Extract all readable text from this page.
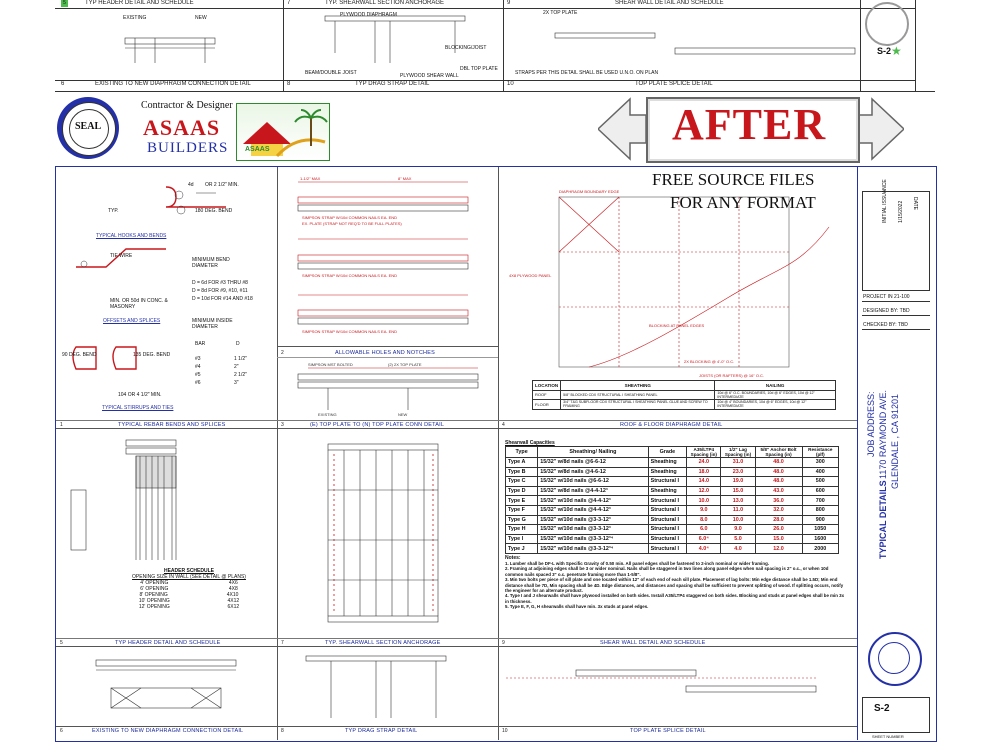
5	TYP HEADER DETAIL AND SCHEDULE	7	TYP. SHEARWALL SECTION ANCHORAGE	9	SHEAR WALL DETAIL AND SCHEDULE
6	EXISTING TO NEW DIAPHRAGM CONNECTION DETAIL	8	TYP DRAG STRAP DETAIL	10	TOP PLATE SPLICE DETAIL
EXISTING	NEW	PLYWOOD DIAPHRAGM	2X TOP PLATE
BLOCKING/JOIST
DBL TOP PLATE
PLYWOOD SHEAR WALL
BEAM/DOUBLE JOIST	STRAPS PER THIS DETAIL SHALL BE USED U.N.O. ON PLAN
S-2 ★
SEAL
Contractor & Designer
ASAAS
BUILDERS ASAAS
AFTER
1	TYPICAL REBAR BENDS AND SPLICES	3	(E) TOP PLATE TO (N) TOP PLATE CONN DETAIL	4	ROOF & FLOOR DIAPHRAGM DETAIL
2	ALLOWABLE HOLES AND NOTCHES
5	TYP HEADER DETAIL AND SCHEDULE	7	TYP. SHEARWALL SECTION ANCHORAGE	9	SHEAR WALL DETAIL AND SCHEDULE
6	EXISTING TO NEW DIAPHRAGM CONNECTION DETAIL	8	TYP DRAG STRAP DETAIL	10	TOP PLATE SPLICE DETAIL
4d OR 2 1/2" MIN.
180 DEG. BEND
TYP.
TYPICAL HOOKS AND BENDS
TIE WIRE
MINIMUM BEND DIAMETER
D = 6d FOR #3 THRU #8
D = 8d FOR #9, #10, #11
D = 10d FOR #14 AND #18
MIN. OR 50d IN CONC. & MASONRY
OFFSETS AND SPLICES	MINIMUM INSIDE DIAMETER
BAR	D
#3	1 1/2"
#4	2"
#5	2 1/2"
#6	3"
90 DEG. BEND	135 DEG. BEND
104 OR 4 1/2" MIN.
TYPICAL STIRRUPS AND TIES
1-1/2" MAX	8" MAX
SIMPSON STRAP W/10d COMMON NAILS EA. END
EX. PLATE (STRAP NOT REQ'D TO BE FULL PLATES)
SIMPSON STRAP W/10d COMMON NAILS EA. END
SIMPSON STRAP W/10d COMMON NAILS EA. END
SIMPSON MST BOLTED	(2) 2X TOP PLATE
EXISTING	NEW
DIAPHRAGM BOUNDARY EDGE
4X8 PLYWOOD PANEL
BLOCKING AT PANEL EDGES
2X BLOCKING @ 4'-0" O.C.
JOISTS (OR RAFTERS) @ 16" O.C.
FREE SOURCE FILES
FOR ANY FORMAT
LOCATION	SHEATHING	NAILING
ROOF	5/8" BLOCKED CDX STRUCTURAL I SHEATHING PANEL	10d @ 6" O.C. BOUNDARIES, 10d @ 6" EDGES, 10d @ 12" INTERMEDIATE
FLOOR	3/4" T&G SUBFLOOR CDX STRUCTURAL I SHEATHING PANEL GLUE AND SCREW TO FRAMING	10d @ 4" BOUNDARIES, 10d @ 6" EDGES, 10d @ 12" INTERMEDIATE
HEADER SCHEDULE
OPENING SIZE IN WALL (SEE DETAIL @ PLANS)
4' OPENING	4X6
6' OPENING	4X8
8' OPENING	4X10
10' OPENING	4X12
12' OPENING	6X12
Shearwall Capacities
Type	Sheathing/ Nailing	Grade	A35/LTP4 Spacing (in)	1/2" Lag Spacing (in)	5/8" Anchor Bolt Spacing (in)	Resistance (plf)
Type A	15/32" w/8d nails @6-6-12	Sheathing	24.0	31.0	48.0	300
Type B	15/32" w/8d nails @4-6-12	Sheathing	18.0	23.0	48.0	400
Type C	15/32" w/10d nails @6-6-12	Structural I	14.0	19.0	48.0	500
Type D	15/32" w/8d nails @4-4-12³	Sheathing	12.0	15.0	43.0	600
Type E	15/32" w/10d nails @4-4-12³	Structural I	10.0	13.0	36.0	700
Type F	15/32" w/10d nails @4-4-12³	Structural I	9.0	11.0	32.0	800
Type G	15/32" w/10d nails @3-3-12³	Structural I	8.0	10.0	28.0	900
Type H	15/32" w/10d nails @3-3-12³	Structural I	6.0	9.0	26.0	1050
Type I	15/32" w/10d nails @3-3-12³⁴	Structural I	6.0⁴	5.0	15.0	1600
Type J	15/32" w/10d nails @3-3-12³⁴	Structural I	4.0⁴	4.0	12.0	2000
Notes:
1. Lumber shall be DF-L with Specific Gravity of 0.50 min. All panel edges shall be fastened to 2-inch nominal or wider framing.
2. Framing at adjoining edges shall be 3 or wider nominal. Nails shall be staggered in two lines along panel edges when nail spacing is 2" o.c., or when 10d common nails spaced 3" o.c. penetrate framing more than 1-5/8".
3. Min two bolts per piece of sill plate and one located within 12" of each end of each sill plate. Placement of lag bolts: Min edge distance shall be 1.5D; Min end distance shall be 7D, Min spacing shall be 4D. Edge distances, and distances and spacing shall be sufficient to prevent splitting of wood. If splitting occurs, notify the engineer for an alternate product.
4. Type I and J shearwalls shall have plywood installed on both sides. Install A35/LTP4 staggered on both sides. Blocking and studs at panel edges shall be min 3x in thickness.
5. Type E, F, G, H shearwalls shall have min. 3x studs at panel edges.
DATE
INITIAL ISSUANCE 1/15/2022
PROJECT IN 21-100
DESIGNED BY: TBD
CHECKED BY: TBD
JOB ADDRESS: 1170 RAYMOND AVE. GLENDALE , CA 91201
TYPICAL DETAILS
S-2
SHEET NUMBER
